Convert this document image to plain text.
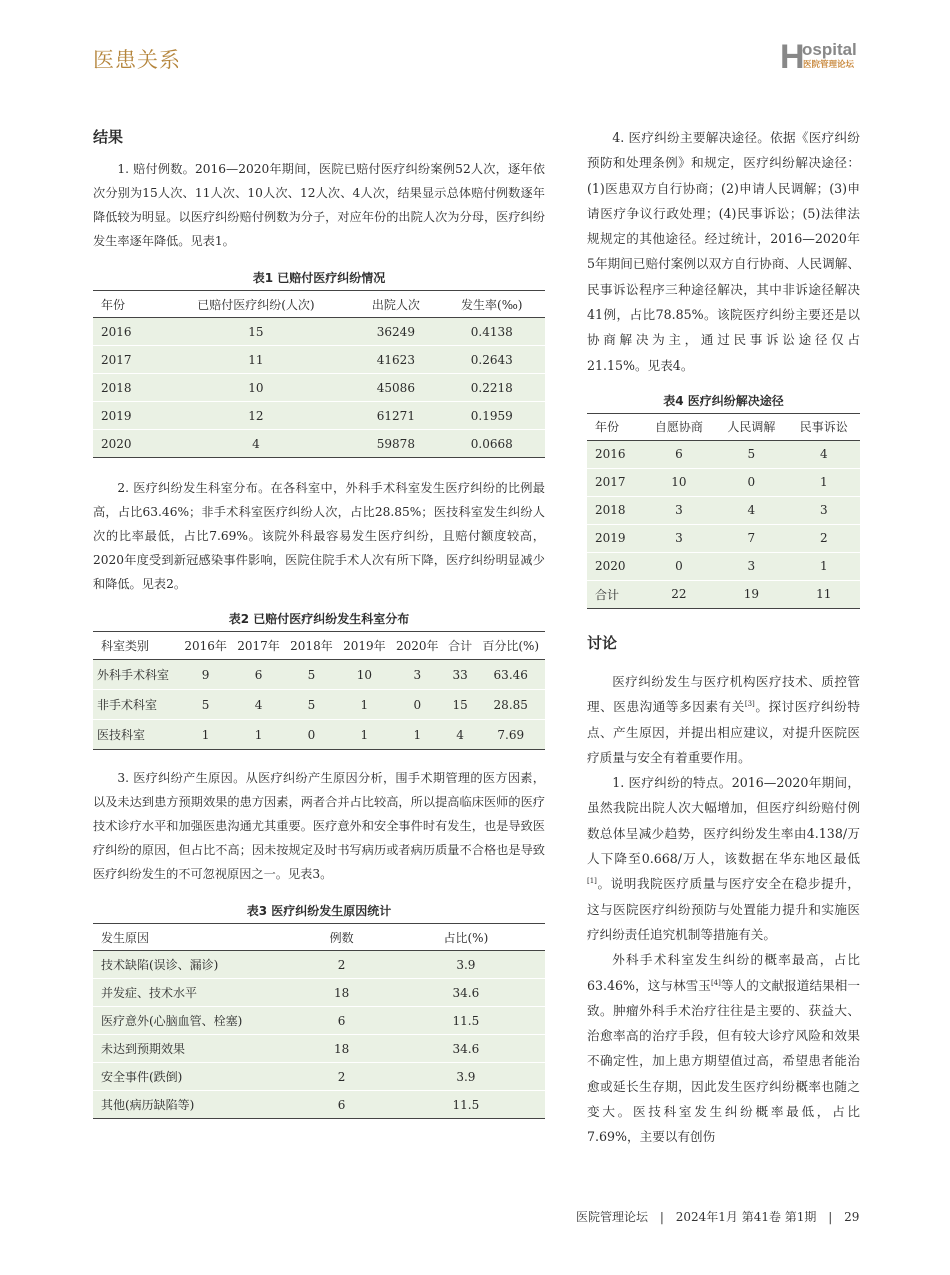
医患关系	H
ospital
医院管理论坛
结果

1. 赔付例数。2016—2020年期间，医院已赔付医疗纠纷案例52人次，逐年依次分别为15人次、11人次、10人次、12人次、4人次，结果显示总体赔付例数逐年降低较为明显。以医疗纠纷赔付例数为分子，对应年份的出院人次为分母，医疗纠纷发生率逐年降低。见表1。

表1 已赔付医疗纠纷情况
年份	已赔付医疗纠纷(人次)	出院人次	发生率(‰)
2016	15	36249	0.4138
2017	11	41623	0.2643
2018	10	45086	0.2218
2019	12	61271	0.1959
2020	4	59878	0.0668

2. 医疗纠纷发生科室分布。在各科室中，外科手术科室发生医疗纠纷的比例最高，占比63.46%；非手术科室医疗纠纷人次，占比28.85%；医技科室发生纠纷人次的比率最低，占比7.69%。该院外科最容易发生医疗纠纷，且赔付额度较高，2020年度受到新冠感染事件影响，医院住院手术人次有所下降，医疗纠纷明显减少和降低。见表2。

表2 已赔付医疗纠纷发生科室分布
科室类别	2016年	2017年	2018年	2019年	2020年	合计	百分比(%)
外科手术科室	9	6	5	10	3	33	63.46
非手术科室	5	4	5	1	0	15	28.85
医技科室	1	1	0	1	1	4	7.69

3. 医疗纠纷产生原因。从医疗纠纷产生原因分析，围手术期管理的医方因素，以及未达到患方预期效果的患方因素，两者合并占比较高，所以提高临床医师的医疗技术诊疗水平和加强医患沟通尤其重要。医疗意外和安全事件时有发生，也是导致医疗纠纷的原因，但占比不高；因未按规定及时书写病历或者病历质量不合格也是导致医疗纠纷发生的不可忽视原因之一。见表3。

表3 医疗纠纷发生原因统计
发生原因	例数	占比(%)
技术缺陷(误诊、漏诊)	2	3.9
并发症、技术水平	18	34.6
医疗意外(心脑血管、栓塞)	6	11.5
未达到预期效果	18	34.6
安全事件(跌倒)	2	3.9
其他(病历缺陷等)	6	11.5

4. 医疗纠纷主要解决途径。依据《医疗纠纷预防和处理条例》和规定，医疗纠纷解决途径：(1)医患双方自行协商；(2)申请人民调解；(3)申请医疗争议行政处理；(4)民事诉讼；(5)法律法规规定的其他途径。经过统计，2016—2020年5年期间已赔付案例以双方自行协商、人民调解、民事诉讼程序三种途径解决，其中非诉途径解决41例，占比78.85%。该院医疗纠纷主要还是以协商解决为主，通过民事诉讼途径仅占21.15%。见表4。

表4 医疗纠纷解决途径
年份	自愿协商	人民调解	民事诉讼
2016	6	5	4
2017	10	0	1
2018	3	4	3
2019	3	7	2
2020	0	3	1
合计	22	19	11
讨论

医疗纠纷发生与医疗机构医疗技术、质控管理、医患沟通等多因素有关[3]。探讨医疗纠纷特点、产生原因，并提出相应建议，对提升医院医疗质量与安全有着重要作用。

1. 医疗纠纷的特点。2016—2020年期间，虽然我院出院人次大幅增加，但医疗纠纷赔付例数总体呈减少趋势，医疗纠纷发生率由4.138/万人下降至0.668/万人，该数据在华东地区最低[1]。说明我院医疗质量与医疗安全在稳步提升，这与医院医疗纠纷预防与处置能力提升和实施医疗纠纷责任追究机制等措施有关。

外科手术科室发生纠纷的概率最高，占比63.46%，这与林雪玉[4]等人的文献报道结果相一致。肿瘤外科手术治疗往往是主要的、获益大、治愈率高的治疗手段，但有较大诊疗风险和效果不确定性，加上患方期望值过高，希望患者能治愈或延长生存期，因此发生医疗纠纷概率也随之变大。医技科室发生纠纷概率最低，占比7.69%，主要以有创伤

医院管理论坛 | 2024年1月 第41卷 第1期 | 29
